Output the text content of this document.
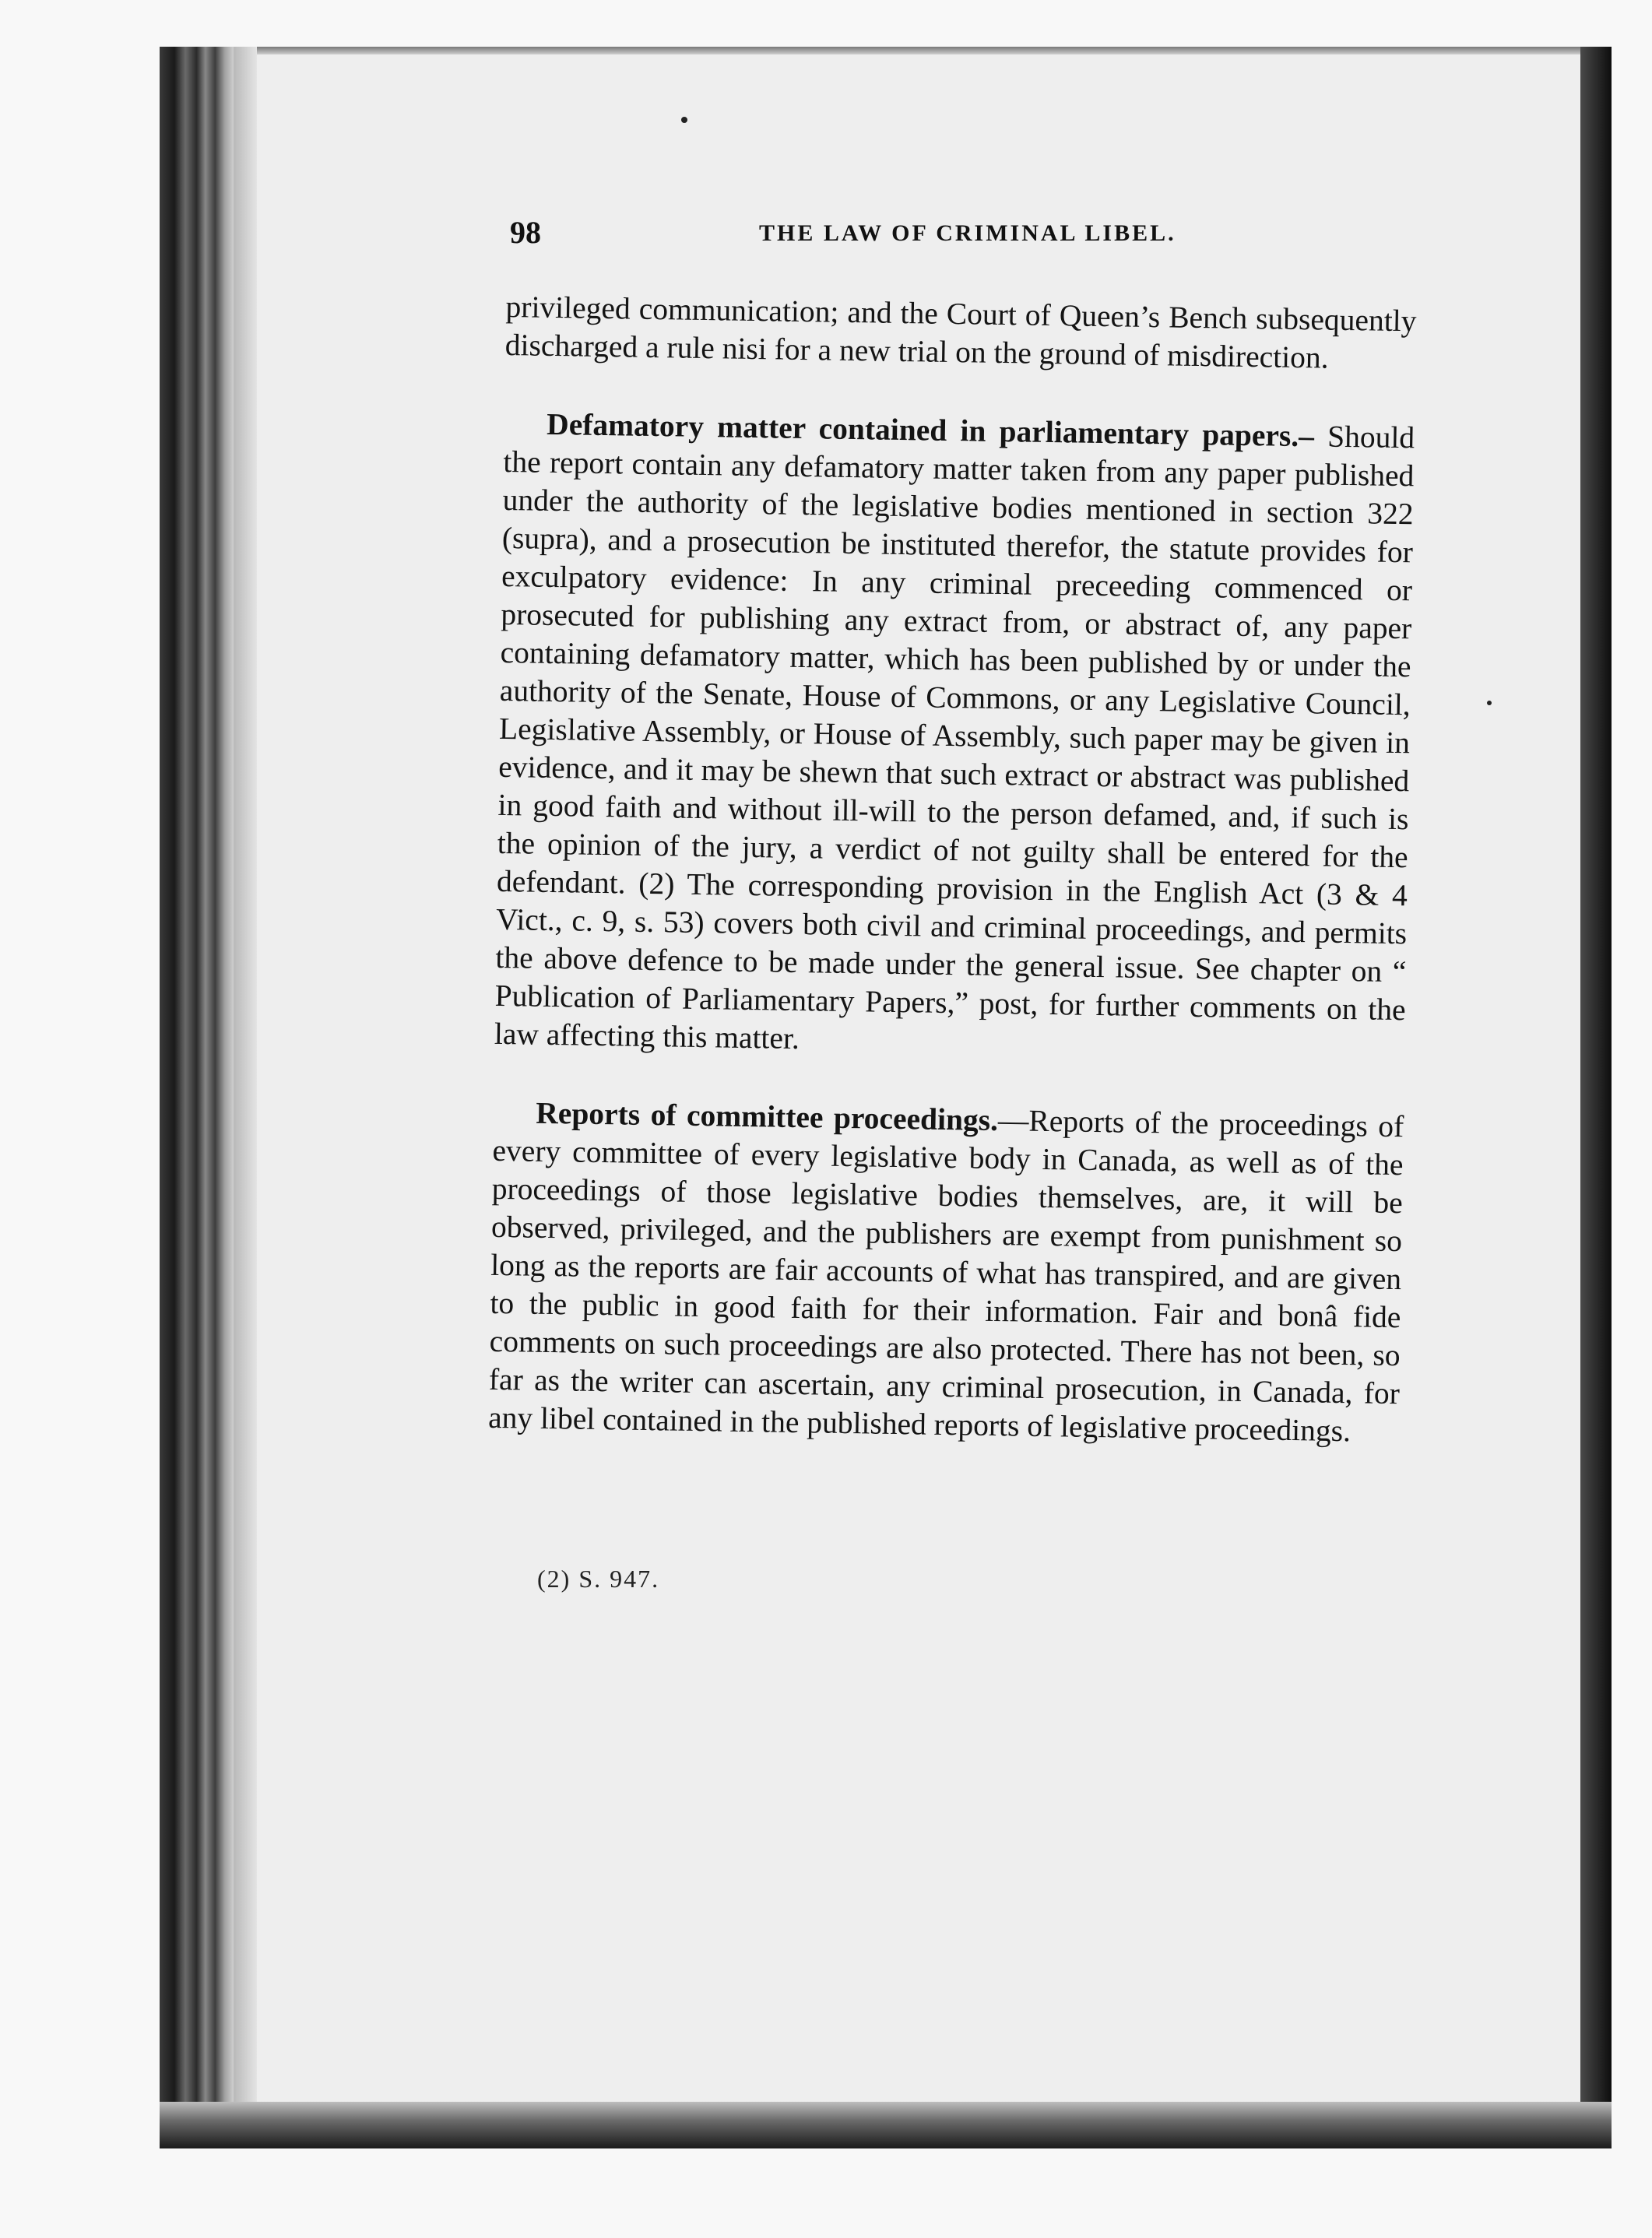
98	THE LAW OF CRIMINAL LIBEL.

privileged communication; and the Court of Queen’s Bench subsequently discharged a rule nisi for a new trial on the ground of misdirection.

Defamatory matter contained in parliamentary papers.– Should the report contain any defamatory matter taken from any paper published under the authority of the legislative bodies mentioned in section 322 (supra), and a prosecution be instituted therefor, the statute provides for exculpatory evidence: In any criminal preceeding commenced or prosecuted for publishing any extract from, or abstract of, any paper containing defamatory matter, which has been published by or under the authority of the Senate, House of Commons, or any Legislative Council, Legislative Assembly, or House of Assembly, such paper may be given in evidence, and it may be shewn that such extract or abstract was published in good faith and without ill-will to the person defamed, and, if such is the opinion of the jury, a verdict of not guilty shall be entered for the defendant. (2) The corresponding provision in the English Act (3 & 4 Vict., c. 9, s. 53) covers both civil and criminal proceedings, and permits the above defence to be made under the general issue. See chapter on “ Publication of Parliamentary Papers,” post, for further comments on the law affecting this matter.

Reports of committee proceedings.—Reports of the proceedings of every committee of every legislative body in Canada, as well as of the proceedings of those legislative bodies themselves, are, it will be observed, privileged, and the publishers are exempt from punishment so long as the reports are fair accounts of what has transpired, and are given to the public in good faith for their information. Fair and bonâ fide comments on such proceedings are also protected. There has not been, so far as the writer can ascertain, any criminal prosecution, in Canada, for any libel contained in the published reports of legislative proceedings.

(2) S. 947.
